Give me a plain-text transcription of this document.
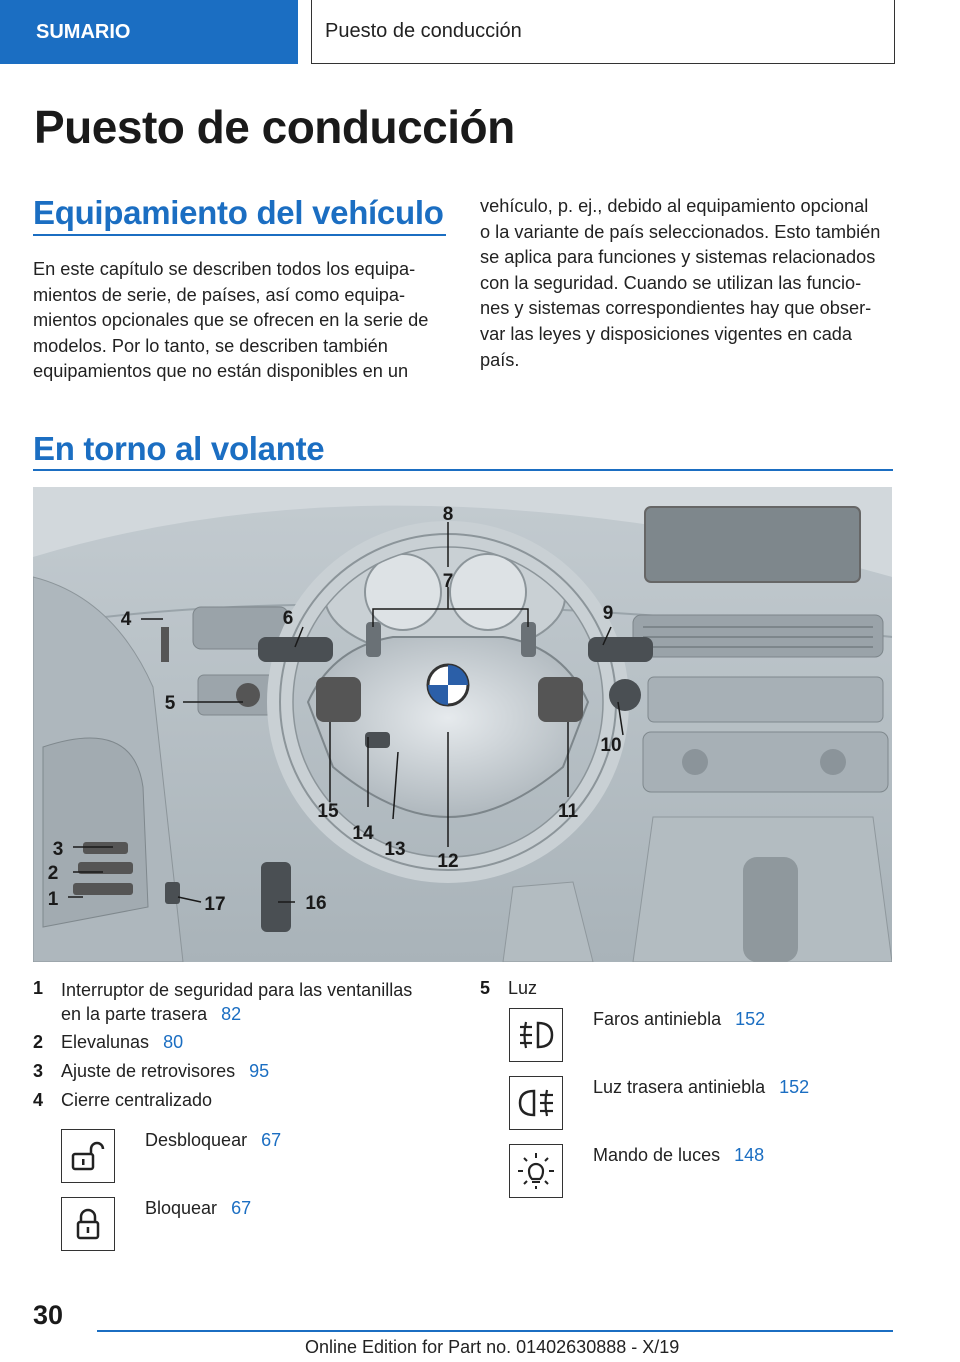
SUMARIO	Puesto de conducción
Puesto de conducción
Equipamiento del vehículo
En este capítulo se describen todos los equipa-
mientos de serie, de países, así como equipa-
mientos opcionales que se ofrecen en la serie de
modelos. Por lo tanto, se describen también
equipamientos que no están disponibles en un
vehículo, p. ej., debido al equipamiento opcional
o la variante de país seleccionados. Esto también
se aplica para funciones y sistemas relacionados
con la seguridad. Cuando se utilizan las funcio-
nes y sistemas correspondientes hay que obser-
var las leyes y disposiciones vigentes en cada
país.
En torno al volante
8
7
6	9
4
5
10
11
12
13
14
15
16
17
3
2
1
1 Interruptor de seguridad para las ventanillas
en la parte trasera 82
2 Elevalunas 80
3 Ajuste de retrovisores 95
4 Cierre centralizado
Desbloquear 67
Bloquear 67
5 Luz
Faros antiniebla 152
Luz trasera antiniebla 152
Mando de luces 148
30
Online Edition for Part no. 01402630888 - X/19
